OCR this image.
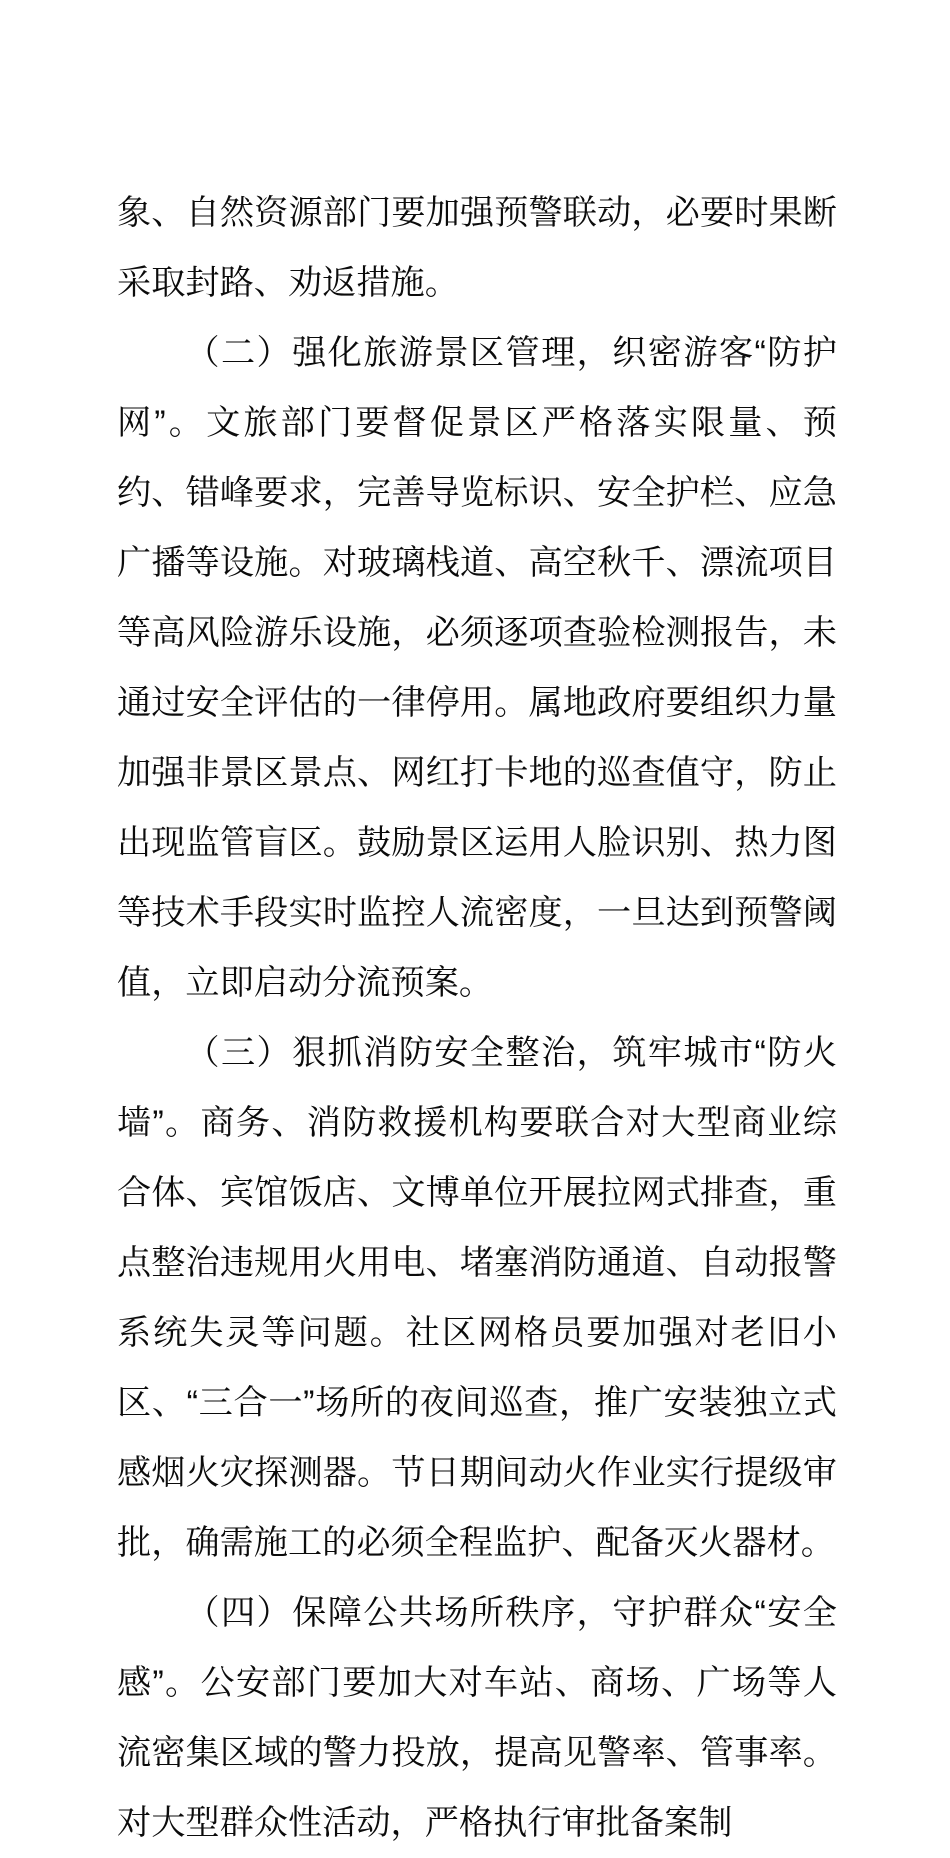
象、自然资源部门要加强预警联动，必要时果断采取封路、劝返措施。

（二）强化旅游景区管理，织密游客“防护网”。文旅部门要督促景区严格落实限量、预约、错峰要求，完善导览标识、安全护栏、应急广播等设施。对玻璃栈道、高空秋千、漂流项目等高风险游乐设施，必须逐项查验检测报告，未通过安全评估的一律停用。属地政府要组织力量加强非景区景点、网红打卡地的巡查值守，防止出现监管盲区。鼓励景区运用人脸识别、热力图等技术手段实时监控人流密度，一旦达到预警阈值，立即启动分流预案。

（三）狠抓消防安全整治，筑牢城市“防火墙”。商务、消防救援机构要联合对大型商业综合体、宾馆饭店、文博单位开展拉网式排查，重点整治违规用火用电、堵塞消防通道、自动报警系统失灵等问题。社区网格员要加强对老旧小区、“三合一”场所的夜间巡查，推广安装独立式感烟火灾探测器。节日期间动火作业实行提级审批，确需施工的必须全程监护、配备灭火器材。

（四）保障公共场所秩序，守护群众“安全感”。公安部门要加大对车站、商场、广场等人流密集区域的警力投放，提高见警率、管事率。对大型群众性活动，严格执行审批备案制
